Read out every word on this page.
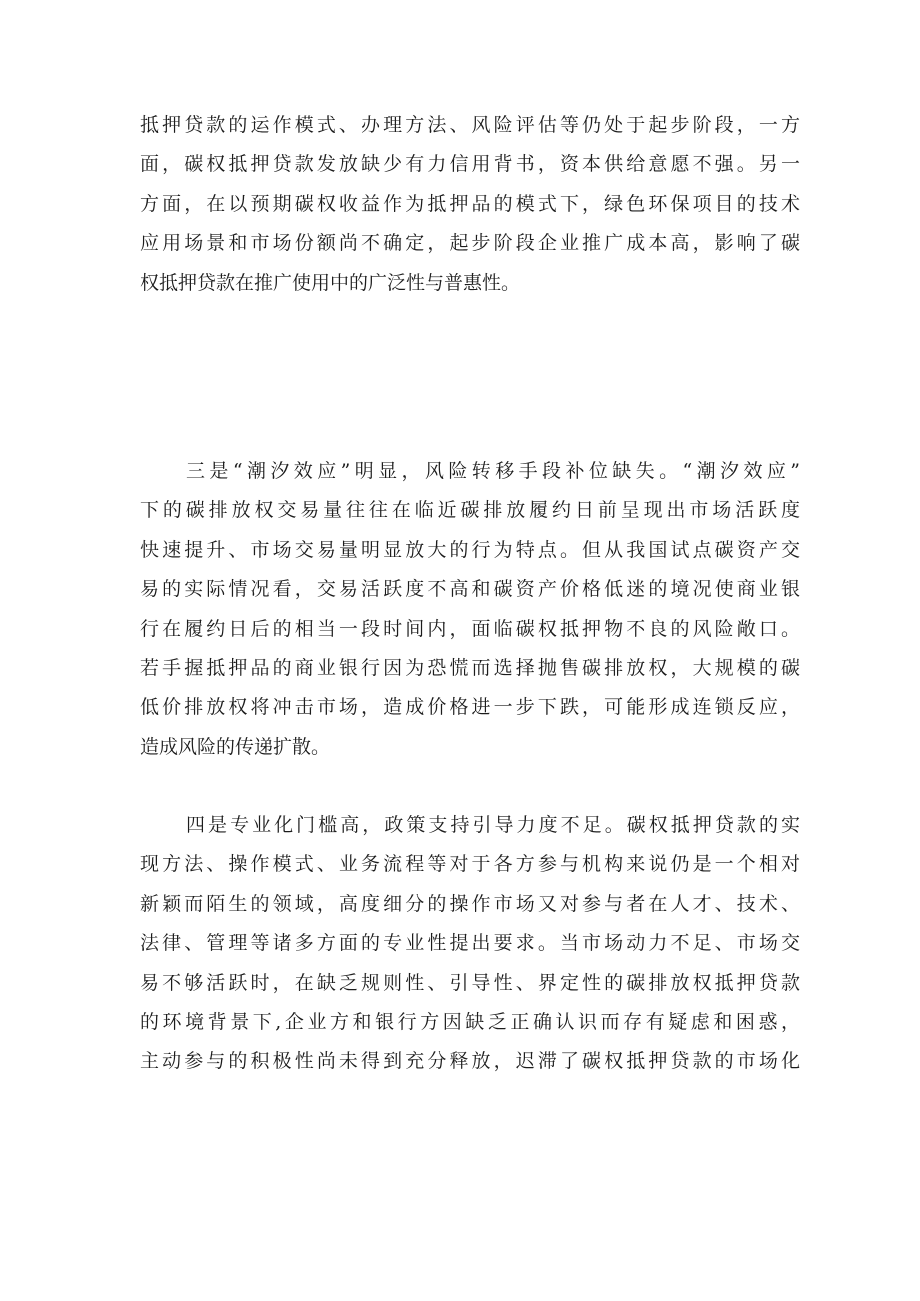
抵押贷款的运作模式、办理方法、风险评估等仍处于起步阶段，一方
面，碳权抵押贷款发放缺少有力信用背书，资本供给意愿不强。另一
方面，在以预期碳权收益作为抵押品的模式下，绿色环保项目的技术
应用场景和市场份额尚不确定，起步阶段企业推广成本高，影响了碳
权抵押贷款在推广使用中的广泛性与普惠性。
三是“潮汐效应”明显，风险转移手段补位缺失。“潮汐效应”
下的碳排放权交易量往往在临近碳排放履约日前呈现出市场活跃度
快速提升、市场交易量明显放大的行为特点。但从我国试点碳资产交
易的实际情况看，交易活跃度不高和碳资产价格低迷的境况使商业银
行在履约日后的相当一段时间内，面临碳权抵押物不良的风险敞口。
若手握抵押品的商业银行因为恐慌而选择抛售碳排放权，大规模的碳
低价排放权将冲击市场，造成价格进一步下跌，可能形成连锁反应，
造成风险的传递扩散。
四是专业化门槛高，政策支持引导力度不足。碳权抵押贷款的实
现方法、操作模式、业务流程等对于各方参与机构来说仍是一个相对
新颖而陌生的领域，高度细分的操作市场又对参与者在人才、技术、
法律、管理等诸多方面的专业性提出要求。当市场动力不足、市场交
易不够活跃时，在缺乏规则性、引导性、界定性的碳排放权抵押贷款
的环境背景下,企业方和银行方因缺乏正确认识而存有疑虑和困惑，
主动参与的积极性尚未得到充分释放，迟滞了碳权抵押贷款的市场化
